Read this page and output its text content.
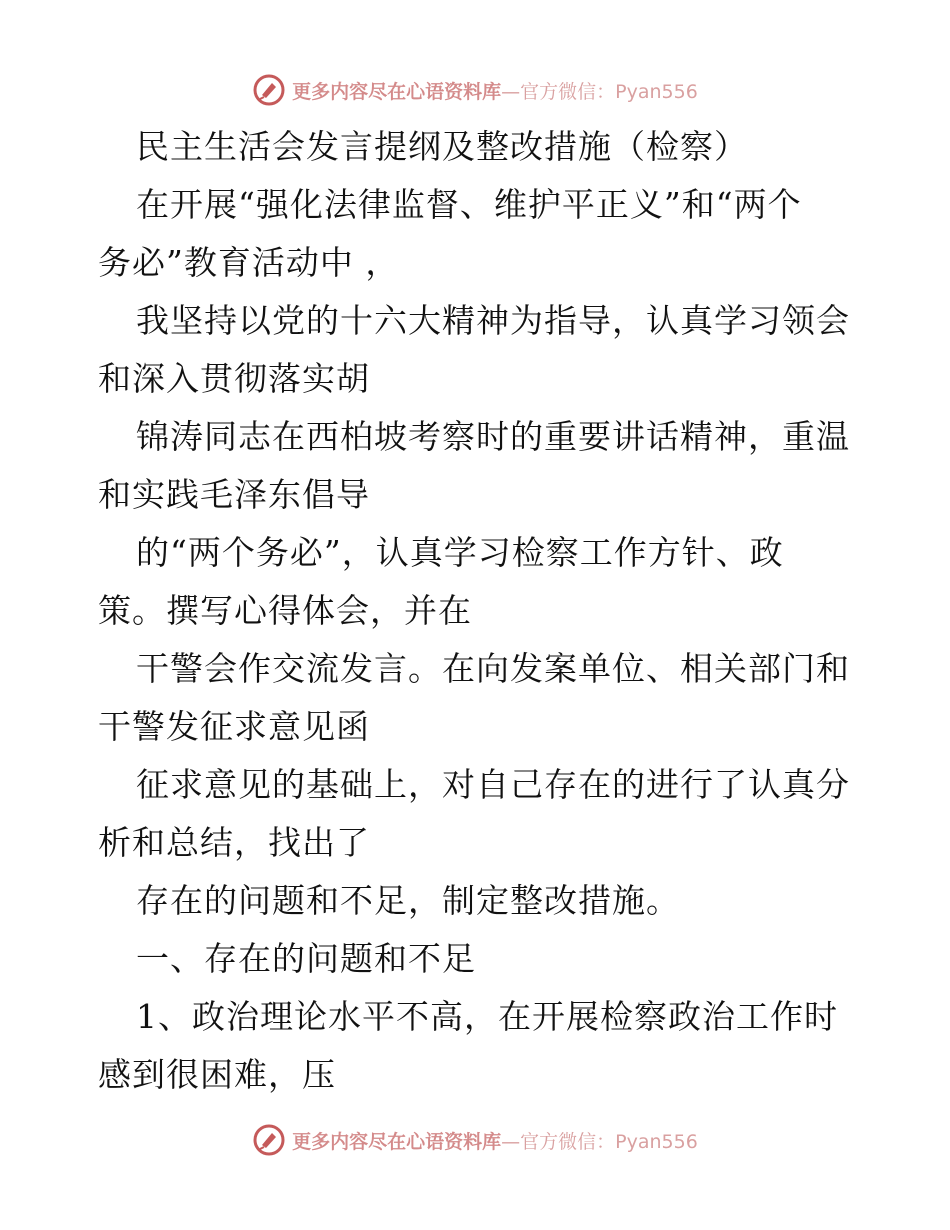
更多内容尽在心语资料库—官方微信：Pyan556
民主生活会发言提纲及整改措施（检察）
在开展“强化法律监督、维护平正义”和“两个
务必”教育活动中 ，
我坚持以党的十六大精神为指导，认真学习领会
和深入贯彻落实胡
锦涛同志在西柏坡考察时的重要讲话精神，重温
和实践毛泽东倡导
的“两个务必”，认真学习检察工作方针、政
策。撰写心得体会，并在
干警会作交流发言。在向发案单位、相关部门和
干警发征求意见函
征求意见的基础上，对自己存在的进行了认真分
析和总结，找出了
存在的问题和不足，制定整改措施。
一、存在的问题和不足
1、政治理论水平不高，在开展检察政治工作时
感到很困难，压
更多内容尽在心语资料库—官方微信：Pyan556
